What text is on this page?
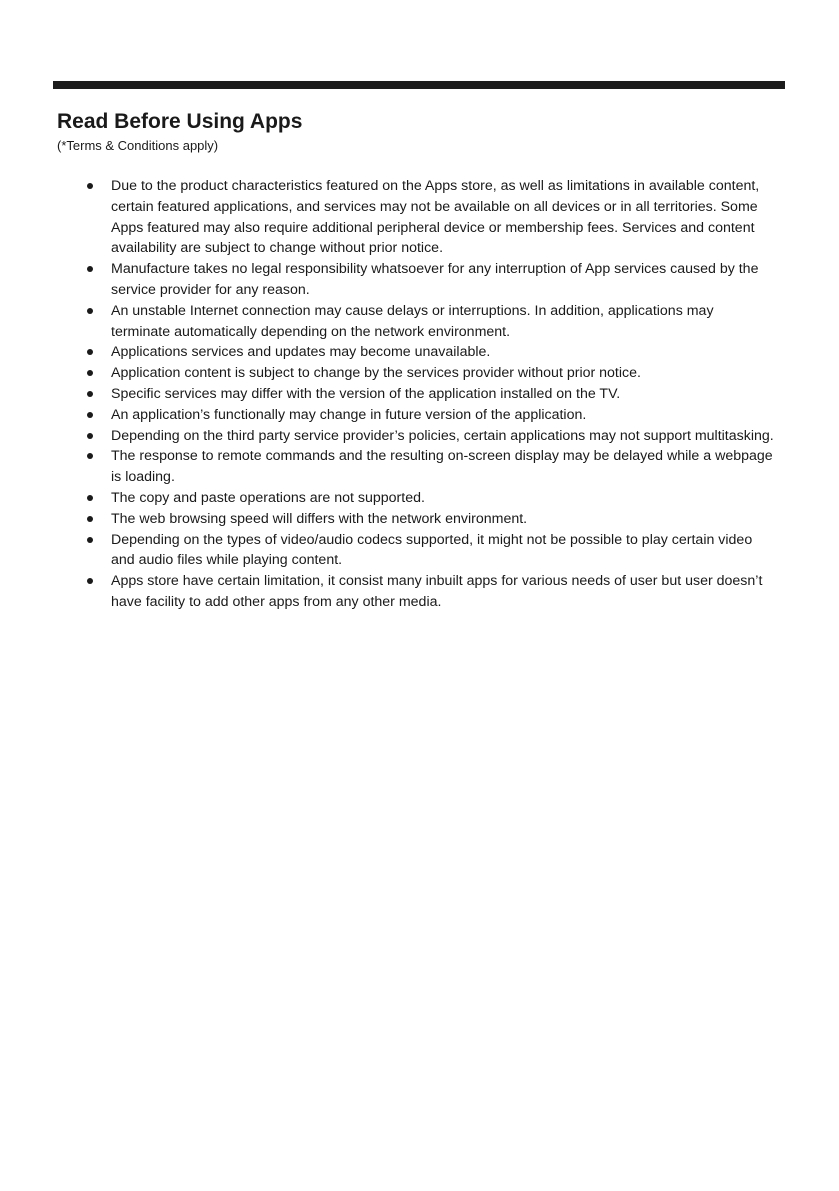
Read Before Using Apps

(*Terms & Conditions apply)

Due to the product characteristics featured on the Apps store, as well as limitations in available content, certain featured applications, and services may not be available on all devices or in all territories. Some Apps featured may also require additional peripheral device or membership fees. Services and content availability are subject to change without prior notice.
Manufacture takes no legal responsibility whatsoever for any interruption of App services caused by the service provider for any reason.
An unstable Internet connection may cause delays or interruptions. In addition, applications may terminate automatically depending on the network environment.
Applications services and updates may become unavailable.
Application content is subject to change by the services provider without prior notice.
Specific services may differ with the version of the application installed on the TV.
An application’s functionally may change in future version of the application.
Depending on the third party service provider’s policies, certain applications may not support multitasking.
The response to remote commands and the resulting on-screen display may be delayed while a webpage is loading.
The copy and paste operations are not supported.
The web browsing speed will differs with the network environment.
Depending on the types of video/audio codecs supported, it might not be possible to play certain video and audio files while playing content.
Apps store have certain limitation, it consist many inbuilt apps for various needs of user but user doesn’t have facility to add other apps from any other media.
